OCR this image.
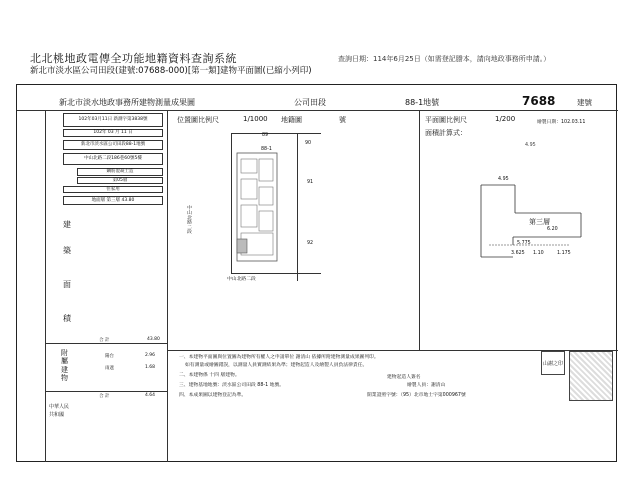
北北桃地政電傳全功能地籍資料查詢系統
新北市淡水區公司田段(建號:07688-000)[第一類]建物平面圖(已縮小列印)
查詢日期：114年6月25日（如需登記謄本，請向地政事務所申請。）
新北市淡水地政事務所建物測量成果圖	公司田段	88-1地號	7688	建號
102年03月11日 新測字第3838號
102年 03 月 11 日
新北市淡水區公司田段88-1地號
中山北路二段186巷60號5樓
鋼筋混凝土造
第05層
住家用
地面層 第三層 43.80
建
築
面
積
合 計	43.80
附屬建物
陽台	2.96
雨遮	1.68
合 計	4.64
中華人民
共和國
位置圖比例尺	1/1000 地籍圖	號
88-1
90
91
92
89
中山北路二段
中山北路二段
平面圖比例尺	1/200	繪製日期：102.03.11
面積計算式：
4.95
4.95
第三層
6.20
5.775
3.625 1.10	1.175
一、本建物平面圖與位置圖為建物所有權人之申請單位 謝清山 依據所附建物測量成果圖列印。
如有測量或繪圖錯誤，以測量人員實測結果為準；建物起造人及繪製人員負法律責任。
二、本建物係 十四 層建物。
三、建物基地地號：淡水區公司田段 88-1 地號。
四、本成果圖以建物登記為準。
建物起造人簽名
繪製人員：謝清山
開業證照字號：（95）北市地士字第000967號
山謝之印
